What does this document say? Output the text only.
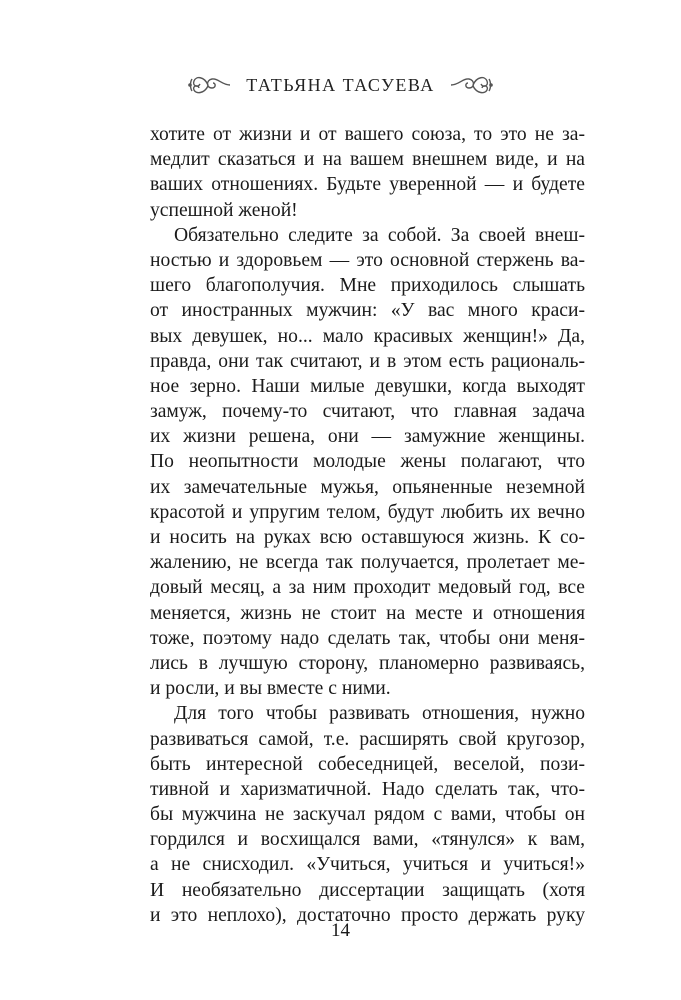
ТАТЬЯНА ТАСУЕВА
хотите от жизни и от вашего союза, то это не за-
медлит сказаться и на вашем внешнем виде, и на
ваших отношениях. Будьте уверенной — и будете
успешной женой!
Обязательно следите за собой. За своей внеш-
ностью и здоровьем — это основной стержень ва-
шего благополучия. Мне приходилось слышать
от иностранных мужчин: «У вас много краси-
вых девушек, но... мало красивых женщин!» Да,
правда, они так считают, и в этом есть рациональ-
ное зерно. Наши милые девушки, когда выходят
замуж, почему-то считают, что главная задача
их жизни решена, они — замужние женщины.
По неопытности молодые жены полагают, что
их замечательные мужья, опьяненные неземной
красотой и упругим телом, будут любить их вечно
и носить на руках всю оставшуюся жизнь. К со-
жалению, не всегда так получается, пролетает ме-
довый месяц, а за ним проходит медовый год, все
меняется, жизнь не стоит на месте и отношения
тоже, поэтому надо сделать так, чтобы они меня-
лись в лучшую сторону, планомерно развиваясь,
и росли, и вы вместе с ними.
Для того чтобы развивать отношения, нужно
развиваться самой, т.е. расширять свой кругозор,
быть интересной собеседницей, веселой, пози-
тивной и харизматичной. Надо сделать так, что-
бы мужчина не заскучал рядом с вами, чтобы он
гордился и восхищался вами, «тянулся» к вам,
а не снисходил. «Учиться, учиться и учиться!»
И необязательно диссертации защищать (хотя
и это неплохо), достаточно просто держать руку
14
